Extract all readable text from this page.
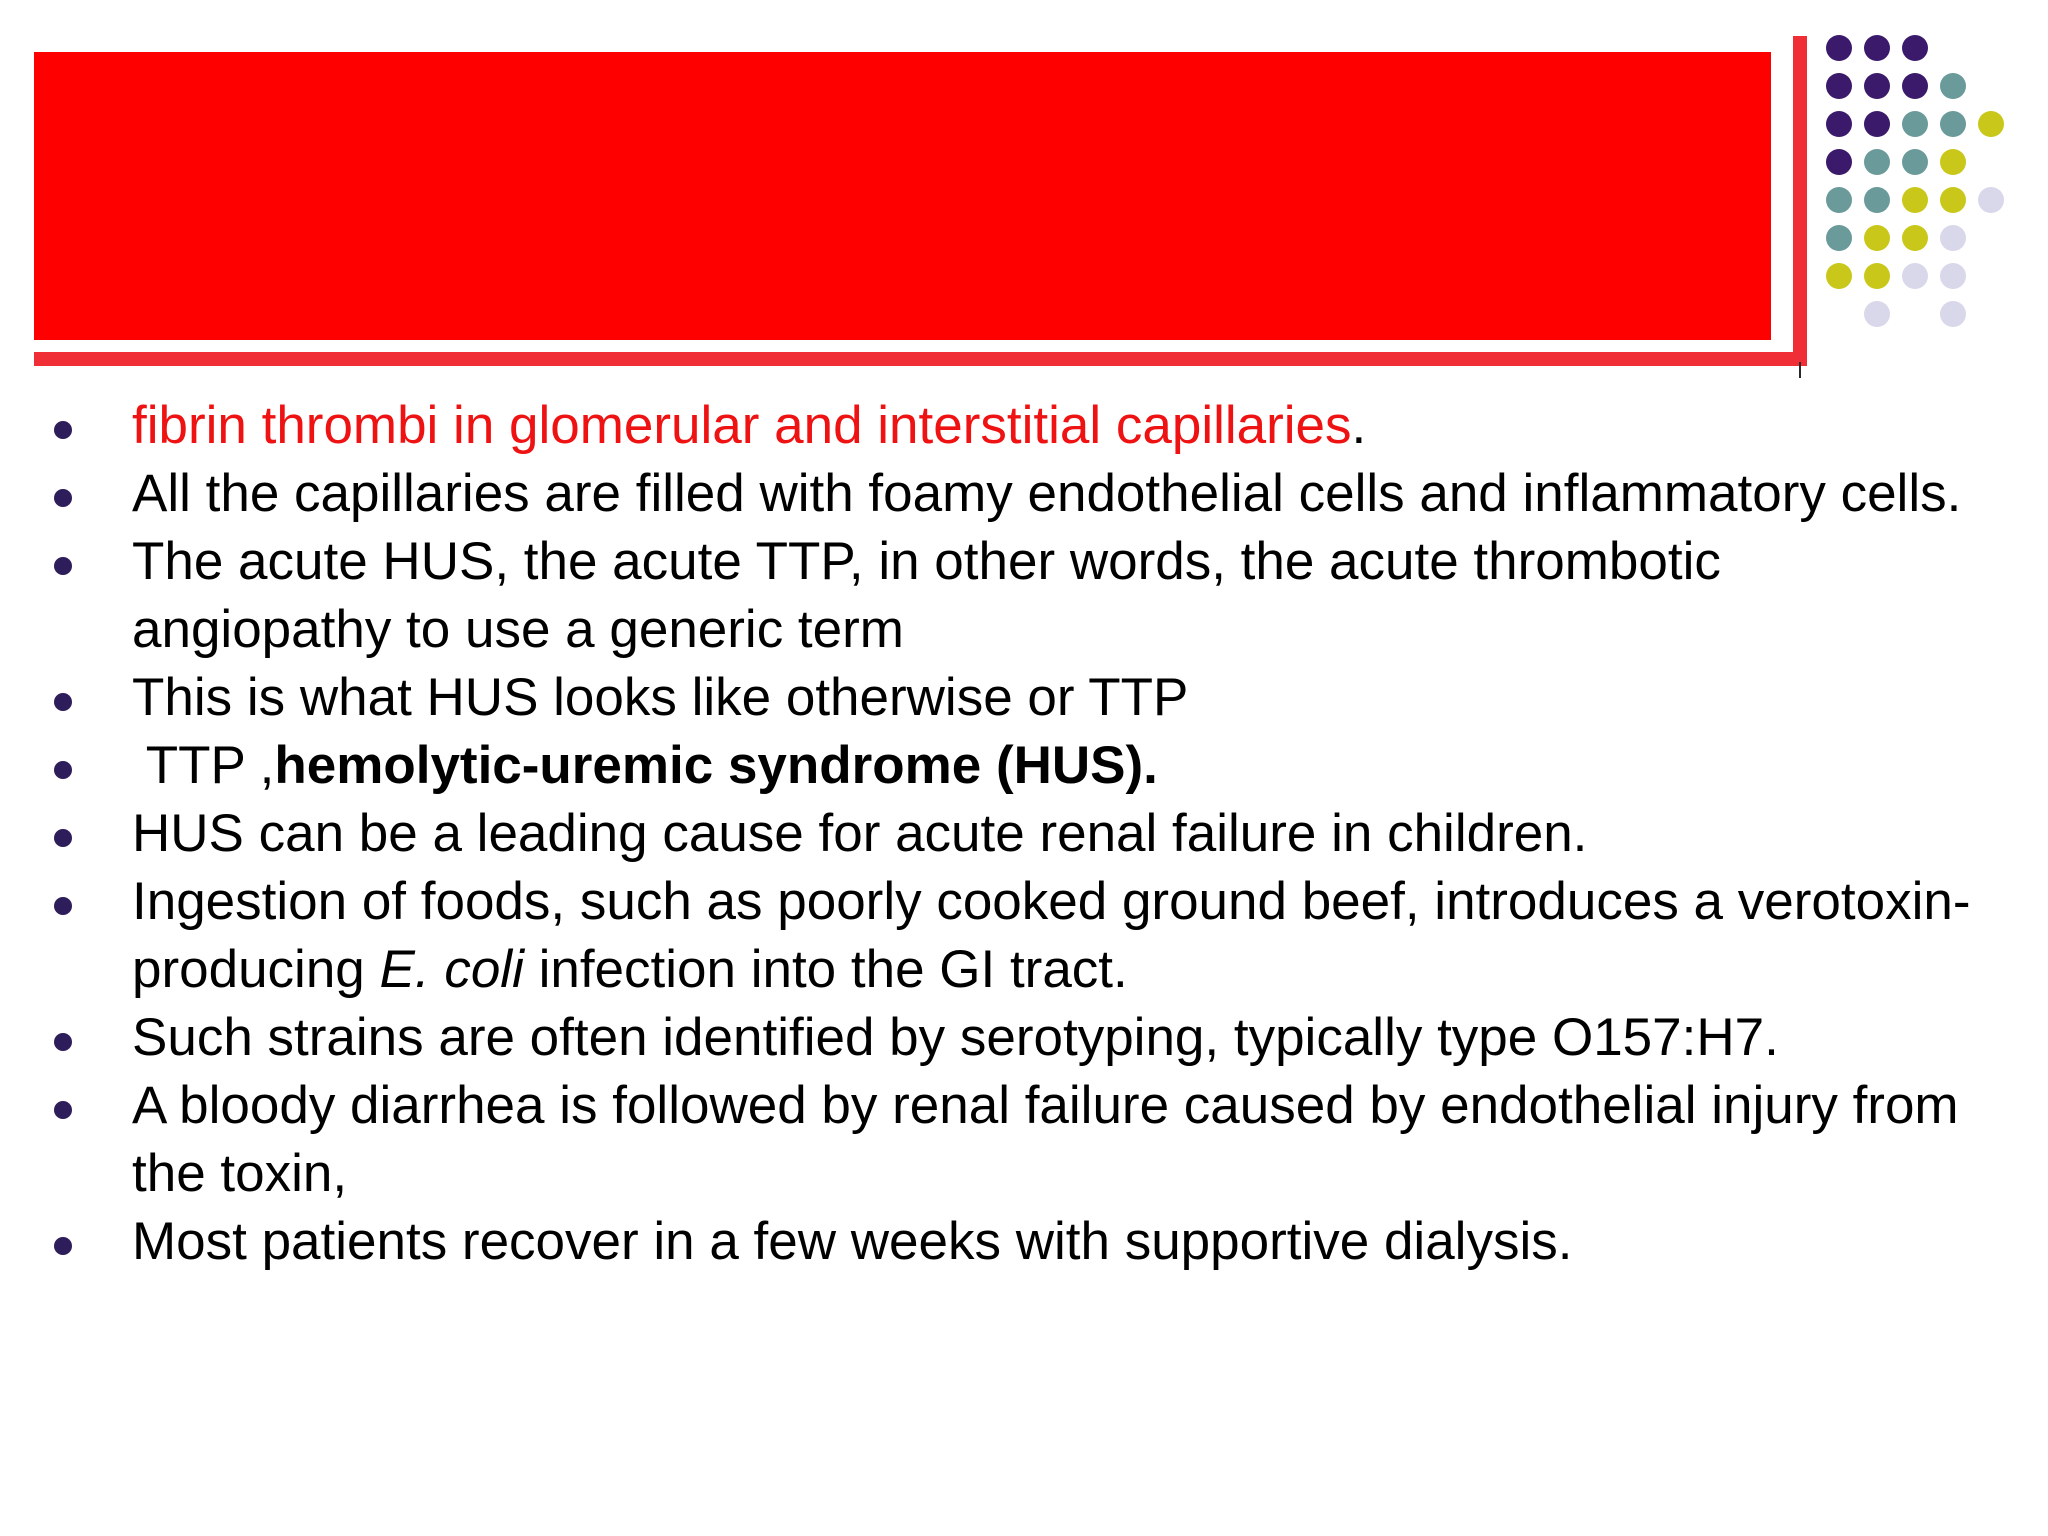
fibrin thrombi in glomerular and interstitial capillaries.
All the capillaries are filled with foamy endothelial cells and inflammatory cells.
The acute HUS, the acute TTP, in other words, the acute thrombotic angiopathy to use a generic term
This is what HUS looks like otherwise or TTP
TTP ,hemolytic-uremic syndrome (HUS).
HUS can be a leading cause for acute renal failure in children.
Ingestion of foods, such as poorly cooked ground beef, introduces a verotoxin-producing E. coli infection into the GI tract.
Such strains are often identified by serotyping, typically type O157:H7.
A bloody diarrhea is followed by renal failure caused by endothelial injury from the toxin,
Most patients recover in a few weeks with supportive dialysis.
